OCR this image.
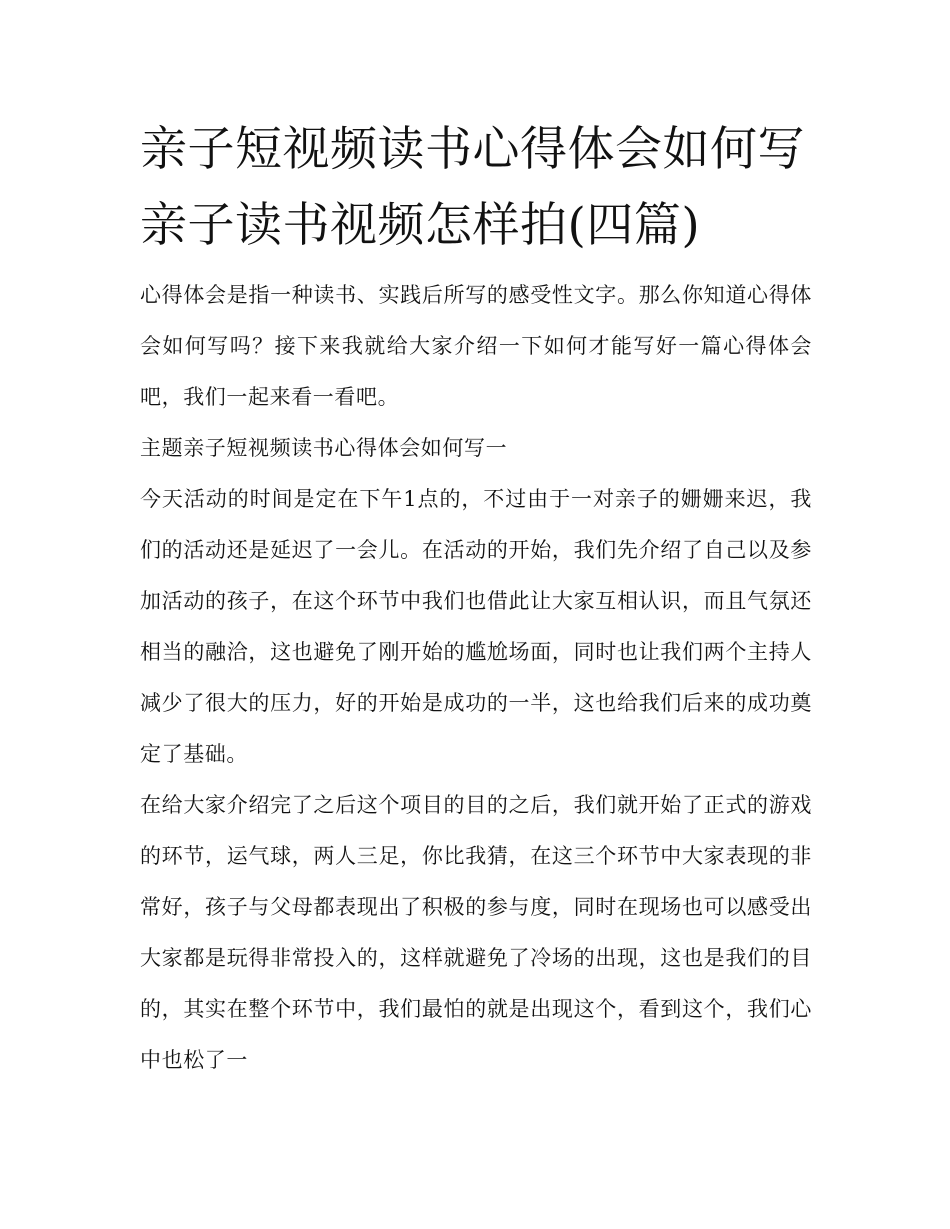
亲子短视频读书心得体会如何写 亲子读书视频怎样拍(四篇)

心得体会是指一种读书、实践后所写的感受性文字。那么你知道心得体会如何写吗？接下来我就给大家介绍一下如何才能写好一篇心得体会吧，我们一起来看一看吧。

主题亲子短视频读书心得体会如何写一

今天活动的时间是定在下午1点的，不过由于一对亲子的姗姗来迟，我们的活动还是延迟了一会儿。在活动的开始，我们先介绍了自己以及参加活动的孩子，在这个环节中我们也借此让大家互相认识，而且气氛还相当的融洽，这也避免了刚开始的尴尬场面，同时也让我们两个主持人减少了很大的压力，好的开始是成功的一半，这也给我们后来的成功奠定了基础。

在给大家介绍完了之后这个项目的目的之后，我们就开始了正式的游戏的环节，运气球，两人三足，你比我猜，在这三个环节中大家表现的非常好，孩子与父母都表现出了积极的参与度，同时在现场也可以感受出大家都是玩得非常投入的，这样就避免了冷场的出现，这也是我们的目的，其实在整个环节中，我们最怕的就是出现这个，看到这个，我们心中也松了一
